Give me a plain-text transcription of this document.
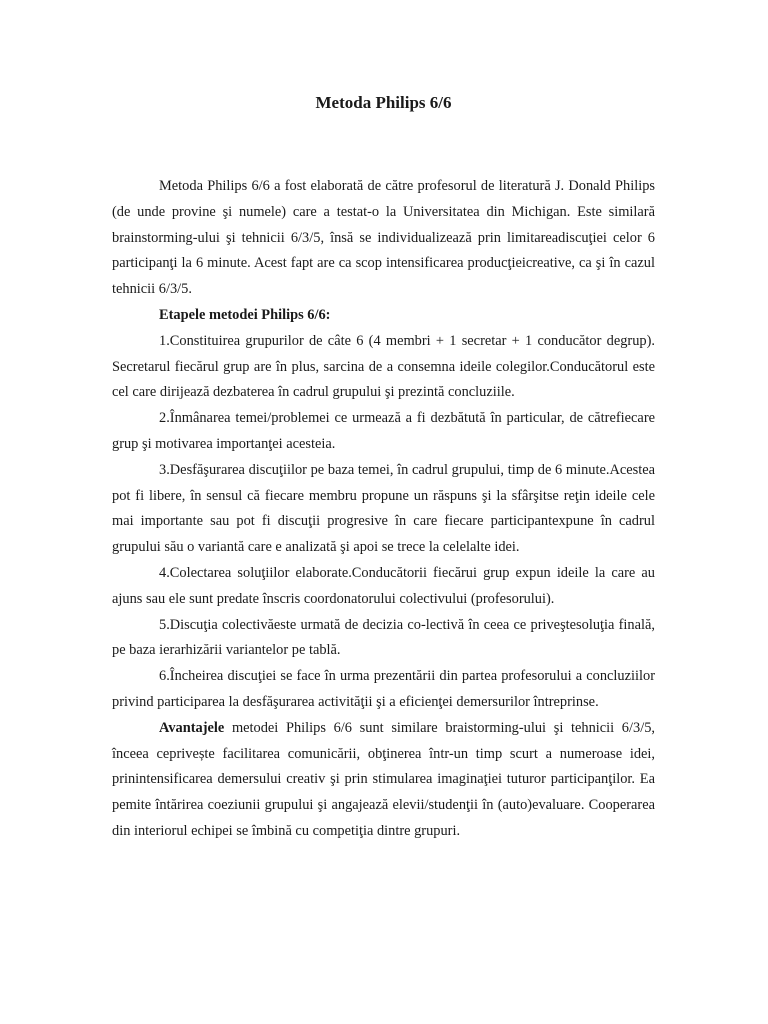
Metoda Philips 6/6

Metoda Philips 6/6 a fost elaborată de către profesorul de literatură J. Donald Philips (de unde provine şi numele) care a testat-o la Universitatea din Michigan. Este similară brainstorming-ului şi tehnicii 6/3/5, însă se individualizează prin limitareadiscuţiei celor 6 participanţi la 6 minute. Acest fapt are ca scop intensificarea producţieicreative, ca şi în cazul tehnicii 6/3/5.

Etapele metodei Philips 6/6:

1.Constituirea grupurilor de câte 6 (4 membri + 1 secretar + 1 conducător degrup). Secretarul fiecărul grup are în plus, sarcina de a consemna ideile colegilor.Conducătorul este cel care dirijează dezbaterea în cadrul grupului şi prezintă concluziile.

2.Înmânarea temei/problemei ce urmează a fi dezbătută în particular, de cătrefiecare grup şi motivarea importanţei acesteia.

3.Desfăşurarea discuţiilor pe baza temei, în cadrul grupului, timp de 6 minute.Acestea pot fi libere, în sensul că fiecare membru propune un răspuns şi la sfârşitse reţin ideile cele mai importante sau pot fi discuţii progresive în care fiecare participantexpune în cadrul grupului său o variantă care e analizată şi apoi se trece la celelalte idei.

4.Colectarea soluţiilor elaborate.Conducătorii fiecărui grup expun ideile la care au ajuns sau ele sunt predate înscris coordonatorului colectivului (profesorului).

5.Discuţia colectivăeste urmată de decizia co-lectivă în ceea ce priveştesoluţia finală, pe baza ierarhizării variantelor pe tablă.

6.Încheirea discuţiei se face în urma prezentării din partea profesorului a concluziilor privind participarea la desfăşurarea activităţii şi a eficienţei demersurilor întreprinse.

Avantajele metodei Philips 6/6 sunt similare braistorming-ului şi tehnicii 6/3/5, înceea ceprivește facilitarea comunicării, obţinerea într-un timp scurt a numeroase idei, prinintensificarea demersului creativ şi prin stimularea imaginaţiei tuturor participanţilor. Ea pemite întărirea coeziunii grupului şi angajează elevii/studenţii în (auto)evaluare. Cooperarea din interiorul echipei se îmbină cu competiţia dintre grupuri.
